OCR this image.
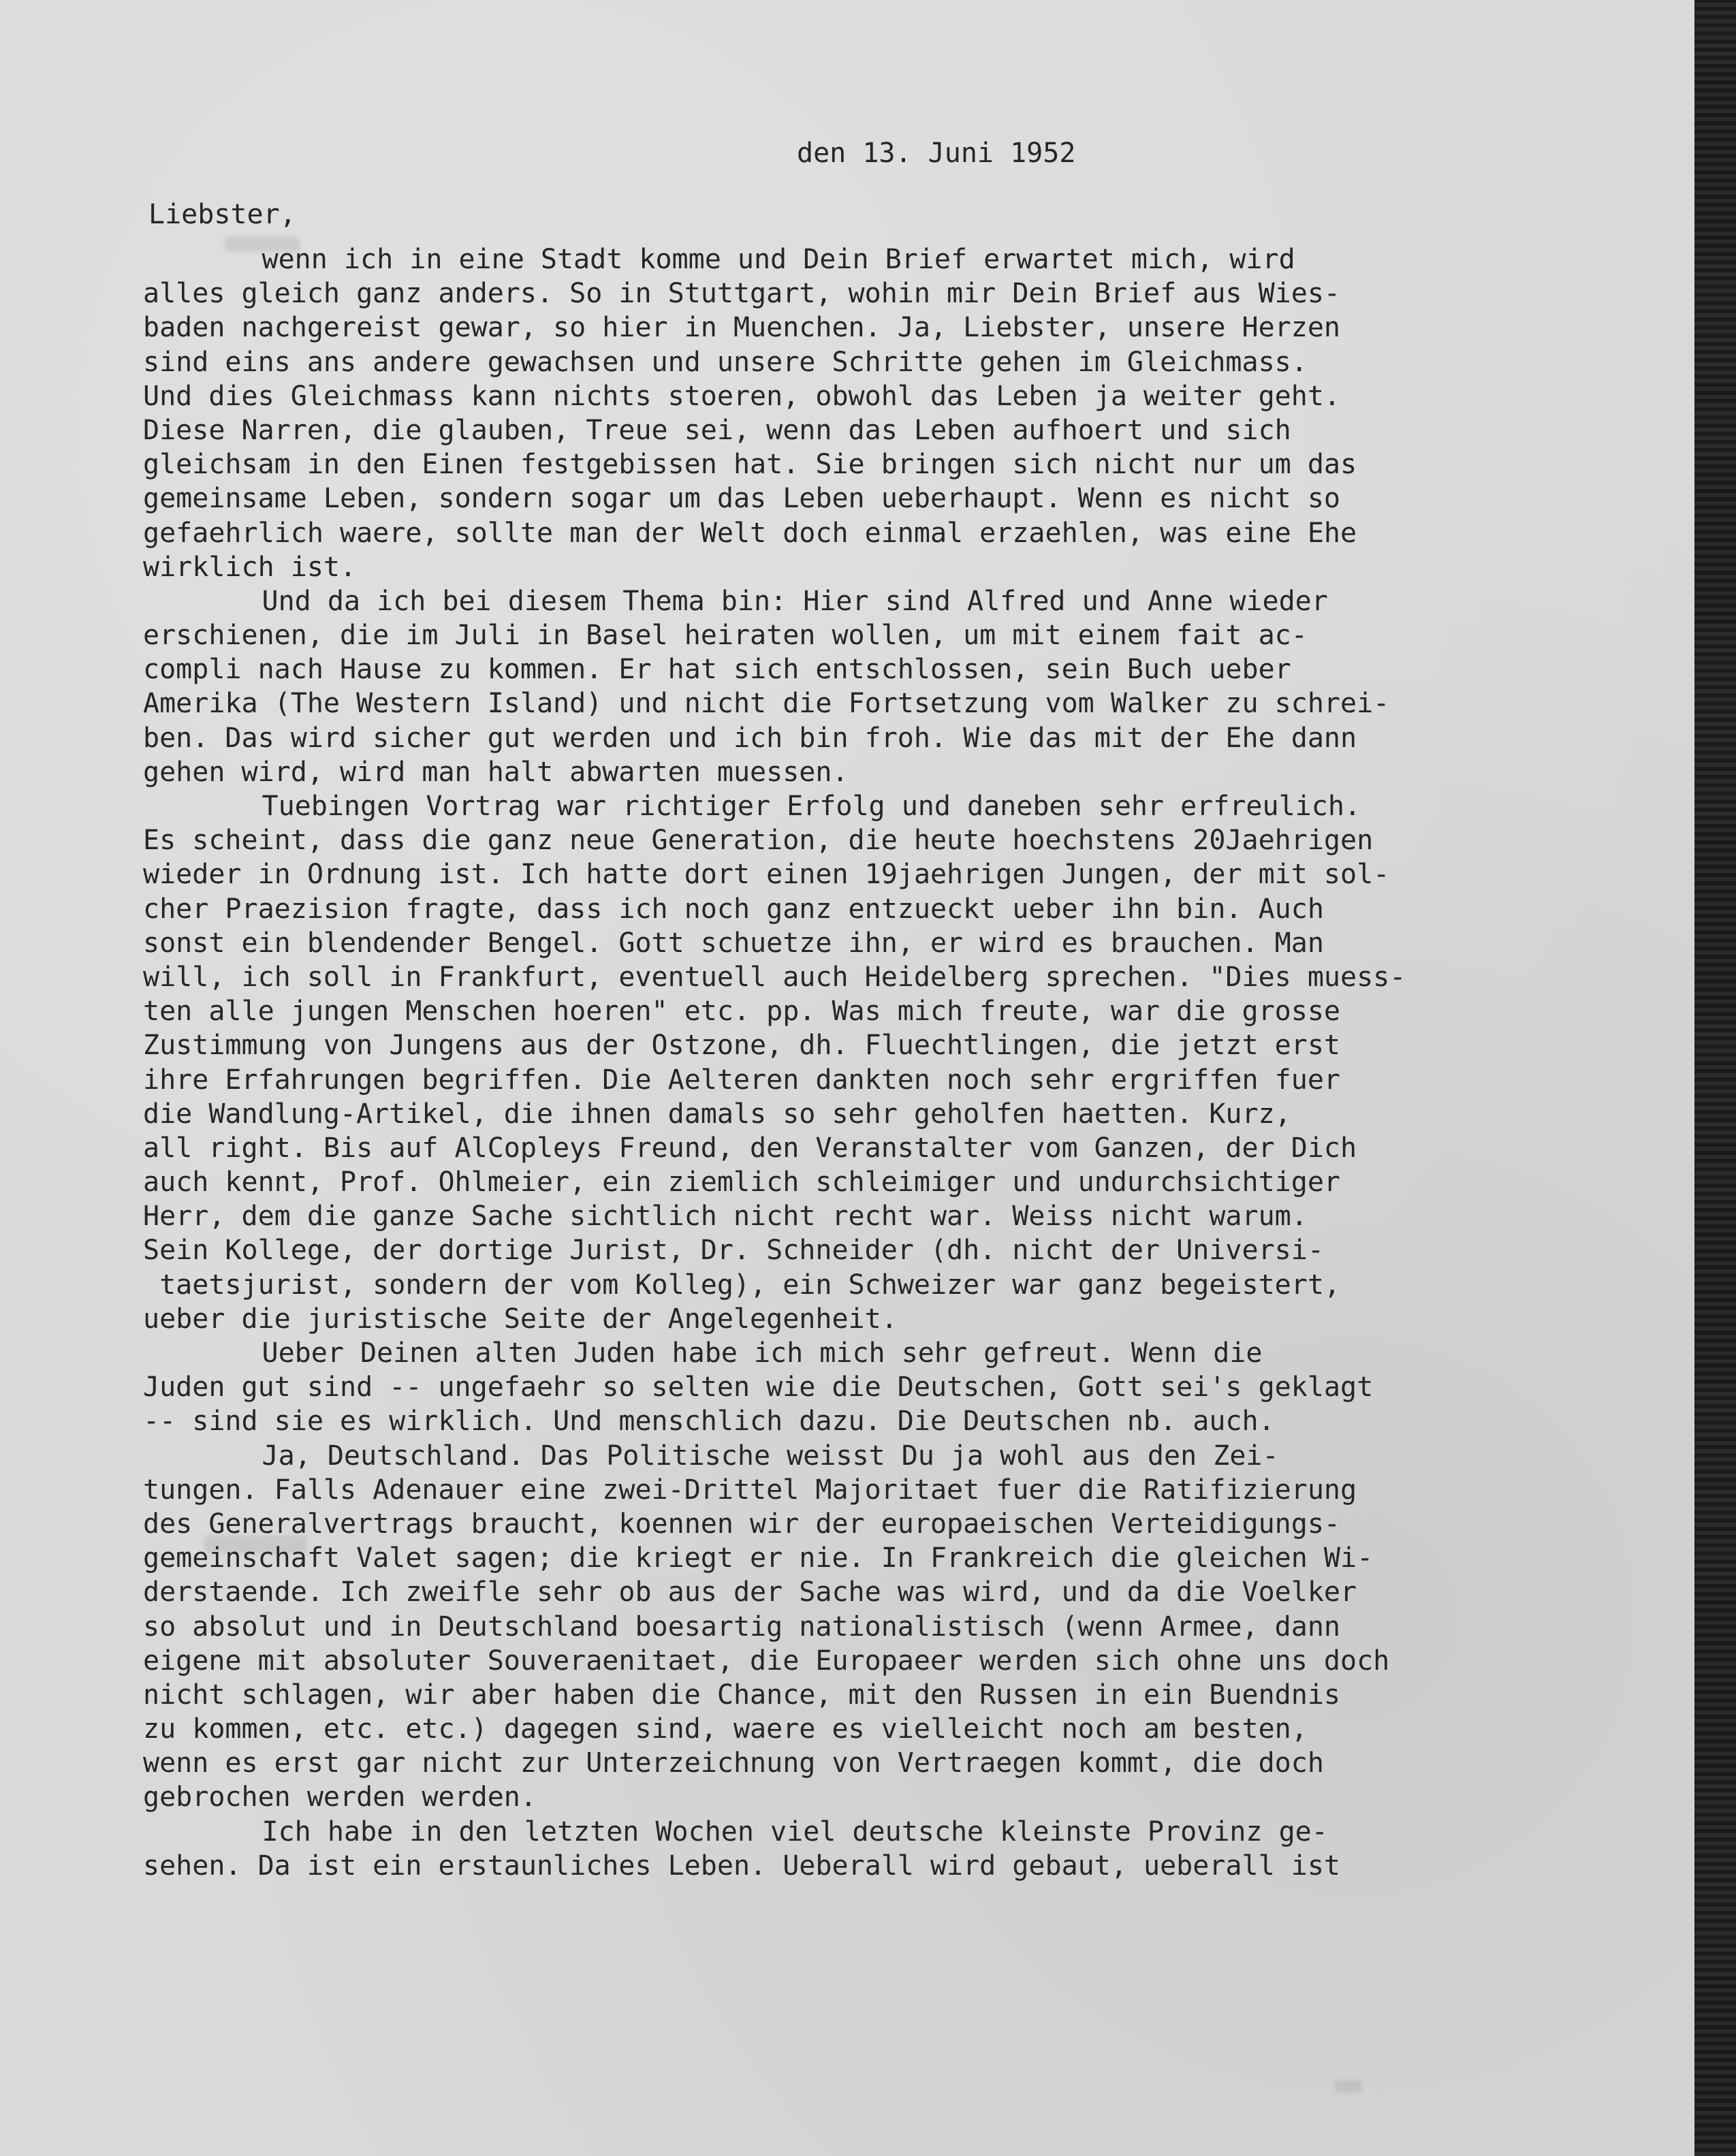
den 13. Juni 1952
Liebster,
wenn ich in eine Stadt komme und Dein Brief erwartet mich, wird
alles gleich ganz anders. So in Stuttgart, wohin mir Dein Brief aus Wies-
baden nachgereist gewar, so hier in Muenchen. Ja, Liebster, unsere Herzen
sind eins ans andere gewachsen und unsere Schritte gehen im Gleichmass.
Und dies Gleichmass kann nichts stoeren, obwohl das Leben ja weiter geht.
Diese Narren, die glauben, Treue sei, wenn das Leben aufhoert und sich
gleichsam in den Einen festgebissen hat. Sie bringen sich nicht nur um das
gemeinsame Leben, sondern sogar um das Leben ueberhaupt. Wenn es nicht so
gefaehrlich waere, sollte man der Welt doch einmal erzaehlen, was eine Ehe
wirklich ist.
Und da ich bei diesem Thema bin: Hier sind Alfred und Anne wieder
erschienen, die im Juli in Basel heiraten wollen, um mit einem fait ac-
compli nach Hause zu kommen. Er hat sich entschlossen, sein Buch ueber
Amerika (The Western Island) und nicht die Fortsetzung vom Walker zu schrei-
ben. Das wird sicher gut werden und ich bin froh. Wie das mit der Ehe dann
gehen wird, wird man halt abwarten muessen.
Tuebingen Vortrag war richtiger Erfolg und daneben sehr erfreulich.
Es scheint, dass die ganz neue Generation, die heute hoechstens 20Jaehrigen
wieder in Ordnung ist. Ich hatte dort einen 19jaehrigen Jungen, der mit sol-
cher Praezision fragte, dass ich noch ganz entzueckt ueber ihn bin. Auch
sonst ein blendender Bengel. Gott schuetze ihn, er wird es brauchen. Man
will, ich soll in Frankfurt, eventuell auch Heidelberg sprechen. "Dies muess-
ten alle jungen Menschen hoeren" etc. pp. Was mich freute, war die grosse
Zustimmung von Jungens aus der Ostzone, dh. Fluechtlingen, die jetzt erst
ihre Erfahrungen begriffen. Die Aelteren dankten noch sehr ergriffen fuer
die Wandlung-Artikel, die ihnen damals so sehr geholfen haetten. Kurz,
all right. Bis auf AlCopleys Freund, den Veranstalter vom Ganzen, der Dich
auch kennt, Prof. Ohlmeier, ein ziemlich schleimiger und undurchsichtiger
Herr, dem die ganze Sache sichtlich nicht recht war. Weiss nicht warum.
Sein Kollege, der dortige Jurist, Dr. Schneider (dh. nicht der Universi-
taetsjurist, sondern der vom Kolleg), ein Schweizer war ganz begeistert,
ueber die juristische Seite der Angelegenheit.
Ueber Deinen alten Juden habe ich mich sehr gefreut. Wenn die
Juden gut sind -- ungefaehr so selten wie die Deutschen, Gott sei's geklagt
-- sind sie es wirklich. Und menschlich dazu. Die Deutschen nb. auch.
Ja, Deutschland. Das Politische weisst Du ja wohl aus den Zei-
tungen. Falls Adenauer eine zwei-Drittel Majoritaet fuer die Ratifizierung
des Generalvertrags braucht, koennen wir der europaeischen Verteidigungs-
gemeinschaft Valet sagen; die kriegt er nie. In Frankreich die gleichen Wi-
derstaende. Ich zweifle sehr ob aus der Sache was wird, und da die Voelker
so absolut und in Deutschland boesartig nationalistisch (wenn Armee, dann
eigene mit absoluter Souveraenitaet, die Europaeer werden sich ohne uns doch
nicht schlagen, wir aber haben die Chance, mit den Russen in ein Buendnis
zu kommen, etc. etc.) dagegen sind, waere es vielleicht noch am besten,
wenn es erst gar nicht zur Unterzeichnung von Vertraegen kommt, die doch
gebrochen werden werden.
Ich habe in den letzten Wochen viel deutsche kleinste Provinz ge-
sehen. Da ist ein erstaunliches Leben. Ueberall wird gebaut, ueberall ist
